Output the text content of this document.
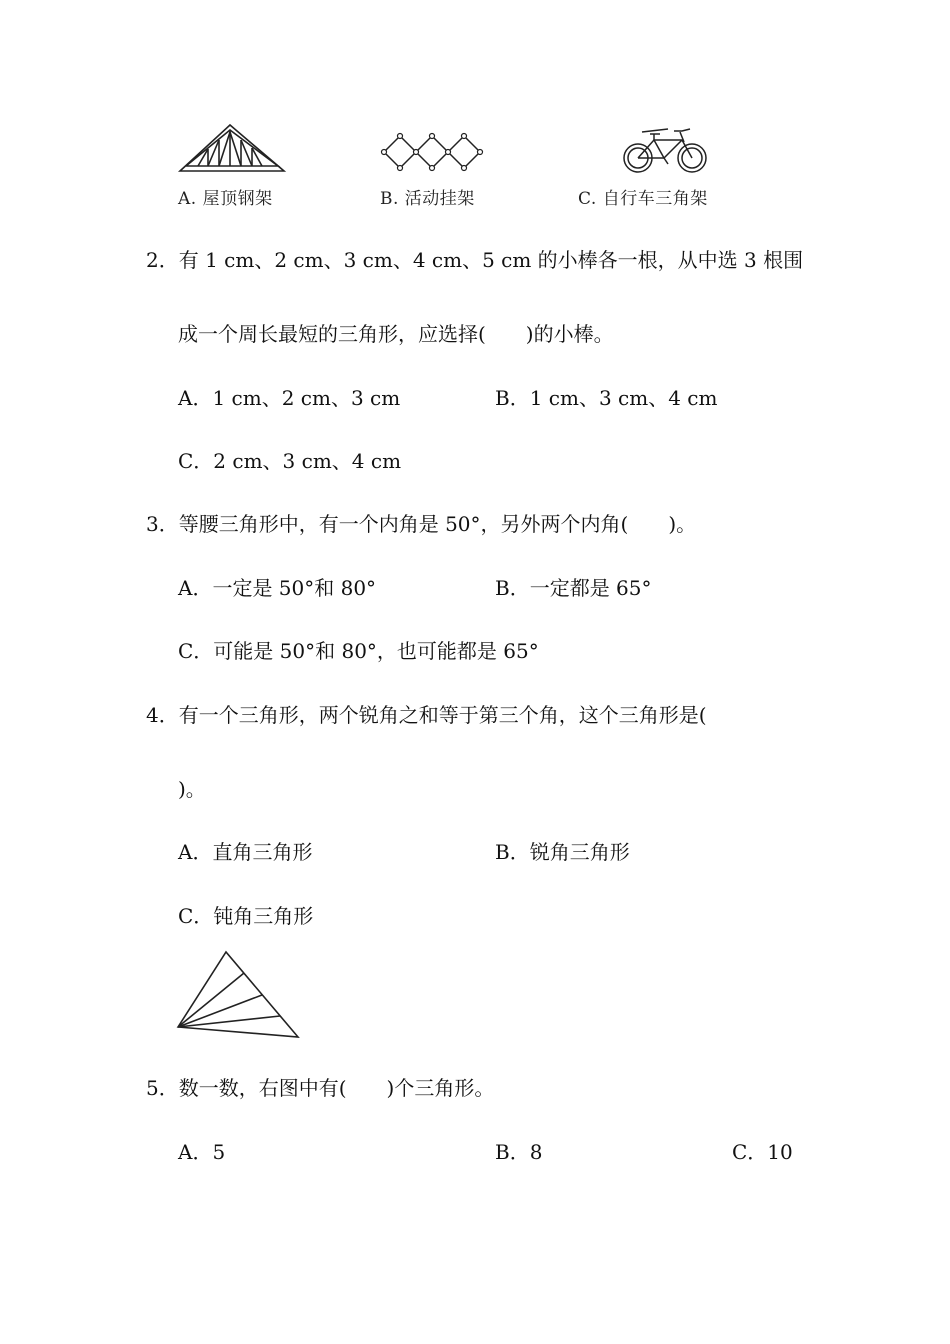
A. 屋顶钢架	B. 活动挂架	C. 自行车三角架
2．有 1 cm、2 cm、3 cm、4 cm、5 cm 的小棒各一根，从中选 3 根围
成一个周长最短的三角形，应选择(　　)的小棒。
A．1 cm、2 cm、3 cm	B．1 cm、3 cm、4 cm
C．2 cm、3 cm、4 cm
3．等腰三角形中，有一个内角是 50°，另外两个内角(　　)。
A．一定是 50°和 80°	B．一定都是 65°
C．可能是 50°和 80°，也可能都是 65°
4．有一个三角形，两个锐角之和等于第三个角，这个三角形是(
)。
A．直角三角形	B．锐角三角形
C．钝角三角形
5．数一数，右图中有(　　)个三角形。
A．5	B．8	C．10
